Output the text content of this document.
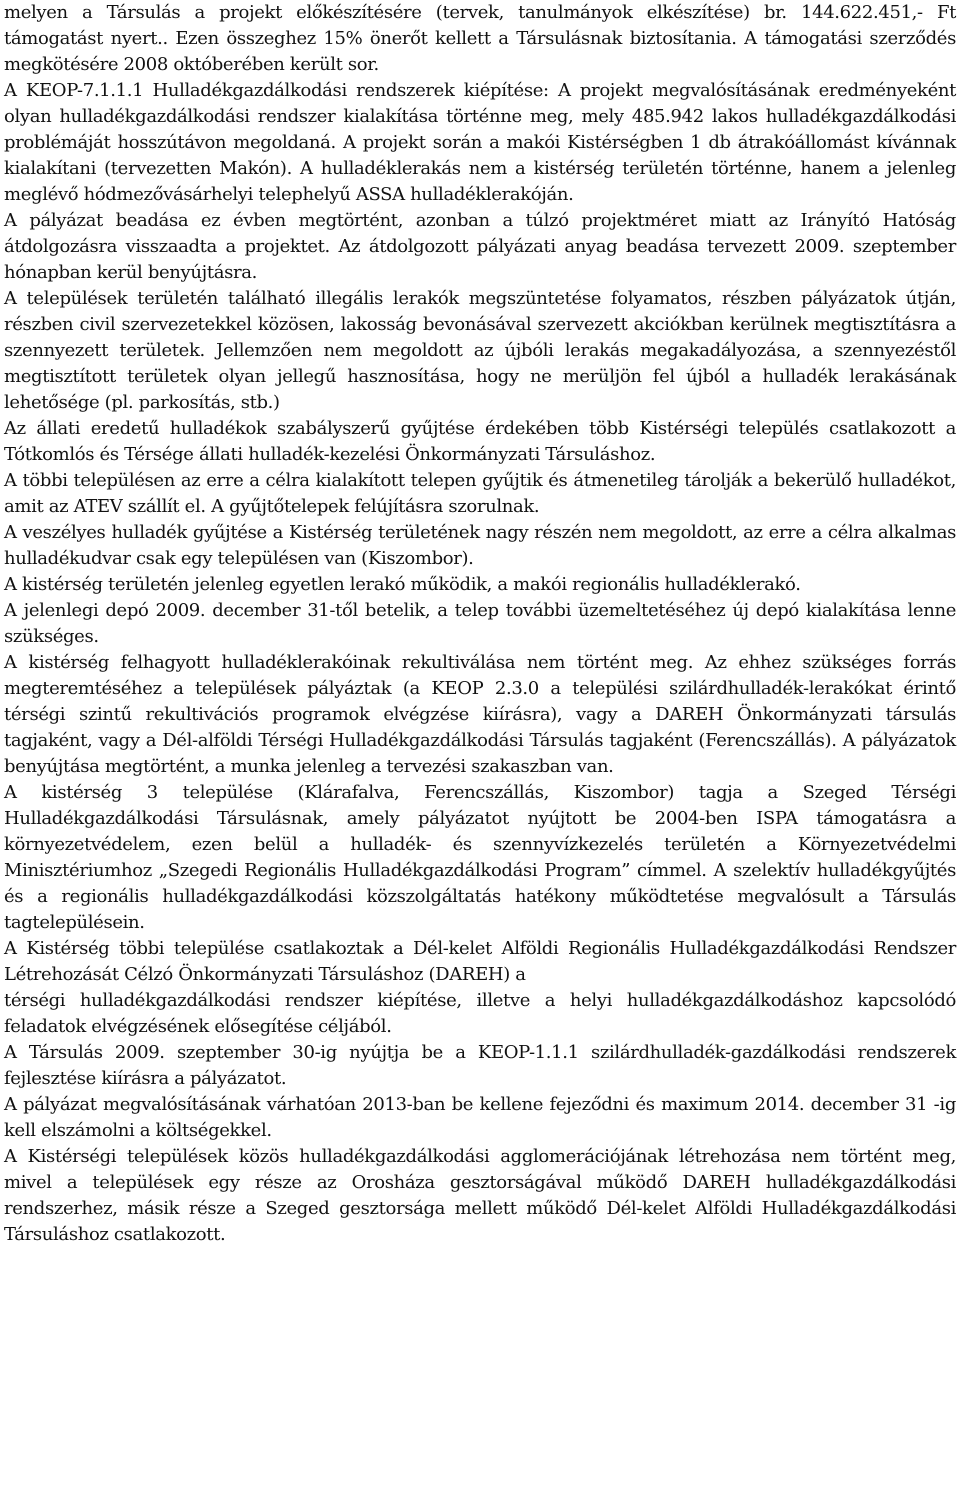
melyen a Társulás a projekt előkészítésére (tervek, tanulmányok elkészítése) br. 144.622.451,- Ft támogatást nyert.. Ezen összeghez 15% önerőt kellett a Társulásnak biztosítania. A támogatási szerződés megkötésére 2008 októberében került sor.

A KEOP-7.1.1.1 Hulladékgazdálkodási rendszerek kiépítése: A projekt megvalósításának eredményeként olyan hulladékgazdálkodási rendszer kialakítása történne meg, mely 485.942 lakos hulladékgazdálkodási problémáját hosszútávon megoldaná. A projekt során a makói Kistérségben 1 db átrakóállomást kívánnak kialakítani (tervezetten Makón). A hulladéklerakás nem a kistérség területén történne, hanem a jelenleg meglévő hódmezővásárhelyi telephelyű ASSA hulladéklerakóján.

A pályázat beadása ez évben megtörtént, azonban a túlzó projektméret miatt az Irányító Hatóság átdolgozásra visszaadta a projektet. Az átdolgozott pályázati anyag beadása tervezett 2009. szeptember hónapban kerül benyújtásra.

A települések területén található illegális lerakók megszüntetése folyamatos, részben pályázatok útján, részben civil szervezetekkel közösen, lakosság bevonásával szervezett akciókban kerülnek megtisztításra a szennyezett területek. Jellemzően nem megoldott az újbóli lerakás megakadályozása, a szennyezéstől megtisztított területek olyan jellegű hasznosítása, hogy ne merüljön fel újból a hulladék lerakásának lehetősége (pl. parkosítás, stb.)

Az állati eredetű hulladékok szabályszerű gyűjtése érdekében több Kistérségi település csatlakozott a Tótkomlós és Térsége állati hulladék-kezelési Önkormányzati Társuláshoz.

A többi településen az erre a célra kialakított telepen gyűjtik és átmenetileg tárolják a bekerülő hulladékot, amit az ATEV szállít el. A gyűjtőtelepek felújításra szorulnak.

A veszélyes hulladék gyűjtése a Kistérség területének nagy részén nem megoldott, az erre a célra alkalmas hulladékudvar csak egy településen van (Kiszombor).

A kistérség területén jelenleg egyetlen lerakó működik, a makói regionális hulladéklerakó.

A jelenlegi depó 2009. december 31-től betelik, a telep további üzemeltetéséhez új depó kialakítása lenne szükséges.

A kistérség felhagyott hulladéklerakóinak rekultiválása nem történt meg. Az ehhez szükséges forrás megteremtéséhez a települések pályáztak (a KEOP 2.3.0 a települési szilárdhulladék-lerakókat érintő térségi szintű rekultivációs programok elvégzése kiírásra), vagy a DAREH Önkormányzati társulás tagjaként, vagy a Dél-alföldi Térségi Hulladékgazdálkodási Társulás tagjaként (Ferencszállás). A pályázatok benyújtása megtörtént, a munka jelenleg a tervezési szakaszban van.

A kistérség 3 települése (Klárafalva, Ferencszállás, Kiszombor) tagja a Szeged Térségi Hulladékgazdálkodási Társulásnak, amely pályázatot nyújtott be 2004-ben ISPA támogatásra a környezetvédelem, ezen belül a hulladék- és szennyvízkezelés területén a Környezetvédelmi Minisztériumhoz „Szegedi Regionális Hulladékgazdálkodási Program” címmel. A szelektív hulladékgyűjtés és a regionális hulladékgazdálkodási közszolgáltatás hatékony működtetése megvalósult a Társulás tagtelepülésein.

A Kistérség többi települése csatlakoztak a Dél-kelet Alföldi Regionális Hulladékgazdálkodási Rendszer Létrehozását Célzó Önkormányzati Társuláshoz (DAREH) a

térségi hulladékgazdálkodási rendszer kiépítése, illetve a helyi hulladékgazdálkodáshoz kapcsolódó feladatok elvégzésének elősegítése céljából.

A Társulás 2009. szeptember 30-ig nyújtja be a KEOP-1.1.1 szilárdhulladék-gazdálkodási rendszerek fejlesztése kiírásra a pályázatot.

A pályázat megvalósításának várhatóan 2013-ban be kellene fejeződni és maximum 2014. december 31 -ig kell elszámolni a költségekkel.

A Kistérségi települések közös hulladékgazdálkodási agglomerációjának létrehozása nem történt meg, mivel a települések egy része az Orosháza gesztorságával működő DAREH hulladékgazdálkodási rendszerhez, másik része a Szeged gesztorsága mellett működő Dél-kelet Alföldi Hulladékgazdálkodási Társuláshoz csatlakozott.
